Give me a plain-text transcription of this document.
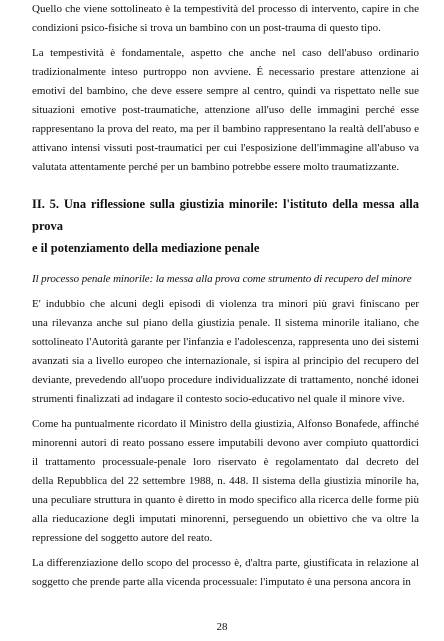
Quello che viene sottolineato è la tempestività del processo di intervento, capire in che
condizioni psico-fisiche si trova un bambino con un post-trauma di questo tipo.
La tempestività è fondamentale, aspetto che anche nel caso dell'abuso ordinario
tradizionalmente inteso purtroppo non avviene. É necessario prestare attenzione ai
emotivi del bambino, che deve essere sempre al centro, quindi va rispettato nelle sue
situazioni emotive post-traumatiche, attenzione all'uso delle immagini perché esse
rappresentano la prova del reato, ma per il bambino rappresentano la realtà dell'abuso e
attivano intensi vissuti post-traumatici per cui l'esposizione dell'immagine all'abuso va
valutata attentamente perché per un bambino potrebbe essere molto traumatizzante.
II. 5. Una riflessione sulla giustizia minorile: l'istituto della messa alla prova
e il potenziamento della mediazione penale
Il processo penale minorile: la messa alla prova come strumento di recupero del minore
E' indubbio che alcuni degli episodi di violenza tra minori più gravi finiscano per
una rilevanza anche sul piano della giustizia penale. Il sistema minorile italiano, che
sottolineato l'Autorità garante per l'infanzia e l'adolescenza, rappresenta uno dei sistemi
avanzati sia a livello europeo che internazionale, si ispira al principio del recupero del
deviante, prevedendo all'uopo procedure individualizzate di trattamento, nonché idonei
strumenti finalizzati ad indagare il contesto socio-educativo nel quale il minore vive.
Come ha puntualmente ricordato il Ministro della giustizia, Alfonso Bonafede, affinché
minorenni autori di reato possano essere imputabili devono aver compiuto quattordici
il trattamento processuale-penale loro riservato è regolamentato dal decreto del
della Repubblica del 22 settembre 1988, n. 448. Il sistema della giustizia minorile ha,
una peculiare struttura in quanto è diretto in modo specifico alla ricerca delle forme più
alla rieducazione degli imputati minorenni, perseguendo un obiettivo che va oltre la
repressione del soggetto autore del reato.
La differenziazione dello scopo del processo è, d'altra parte, giustificata in relazione al
soggetto che prende parte alla vicenda processuale: l'imputato è una persona ancora in
28
